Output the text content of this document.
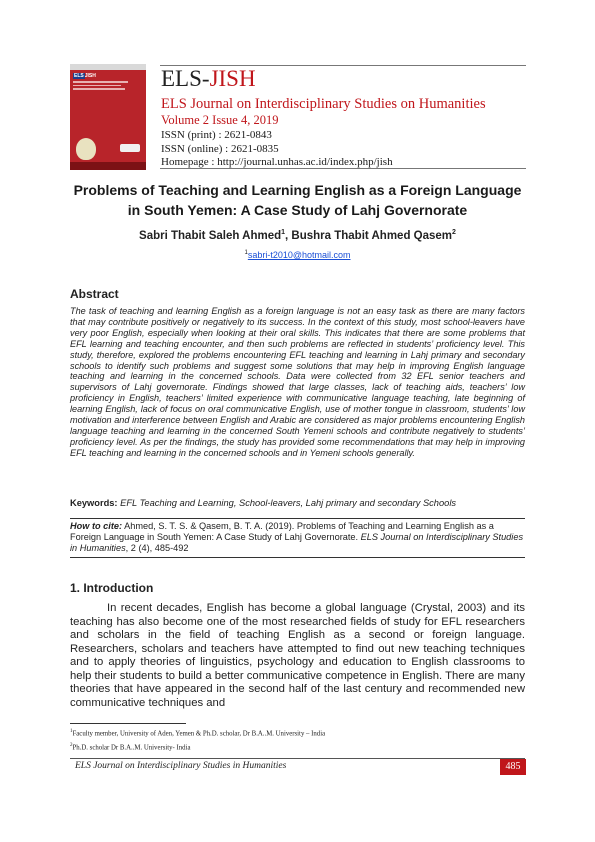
ELSJISH	ELS-JISH
ELS Journal on Interdisciplinary Studies on Humanities
Volume 2 Issue 4, 2019
ISSN (print) : 2621-0843
ISSN (online) : 2621-0835
Homepage : http://journal.unhas.ac.id/index.php/jish
Problems of Teaching and Learning English as a Foreign Language
in South Yemen: A Case Study of Lahj Governorate
Sabri Thabit Saleh Ahmed$^1$, Bushra Thabit Ahmed Qasem$^2$
$^1$sabri-t2010@hotmail.com
Abstract
The task of teaching and learning English as a foreign language is not an easy task as there are many factors that may contribute positively or negatively to its success. In the context of this study, most school-leavers have very poor English, especially when looking at their oral skills. This indicates that there are some problems that EFL learning and teaching encounter, and then such problems are reflected in students’ proficiency level. This study, therefore, explored the problems encountering EFL teaching and learning in Lahj primary and secondary schools to identify such problems and suggest some solutions that may help in improving English language teaching and learning in the concerned schools. Data were collected from 32 EFL senior teachers and supervisors of Lahj governorate. Findings showed that large classes, lack of teaching aids, teachers’ low proficiency in English, teachers’ limited experience with communicative language teaching, late beginning of learning English, lack of focus on oral communicative English, use of mother tongue in classroom, students’ low motivation and interference between English and Arabic are considered as major problems encountering English language teaching and learning in the concerned South Yemeni schools and contribute negatively to students’ proficiency level. As per the findings, the study has provided some recommendations that may help in improving EFL teaching and learning in the concerned schools and in Yemeni schools generally.
Keywords: EFL Teaching and Learning, School-leavers, Lahj primary and secondary Schools
How to cite: Ahmed, S. T. S. & Qasem, B. T. A. (2019). Problems of Teaching and Learning English as a Foreign Language in South Yemen: A Case Study of Lahj Governorate. ELS Journal on Interdisciplinary Studies in Humanities, 2 (4), 485-492
1. Introduction
In recent decades, English has become a global language (Crystal, 2003) and its teaching has also become one of the most researched fields of study for EFL researchers and scholars in the field of teaching English as a second or foreign language. Researchers, scholars and teachers have attempted to find out new teaching techniques and to apply theories of linguistics, psychology and education to English classrooms to help their students to build a better communicative competence in English. There are many theories that have appeared in the second half of the last century and recommended new communicative techniques and
$^1$Faculty member, University of Aden, Yemen & Ph.D. scholar, Dr B.A..M. University – India
$^2$Ph.D. scholar Dr B.A..M. University- India
ELS Journal on Interdisciplinary Studies in Humanities	485
